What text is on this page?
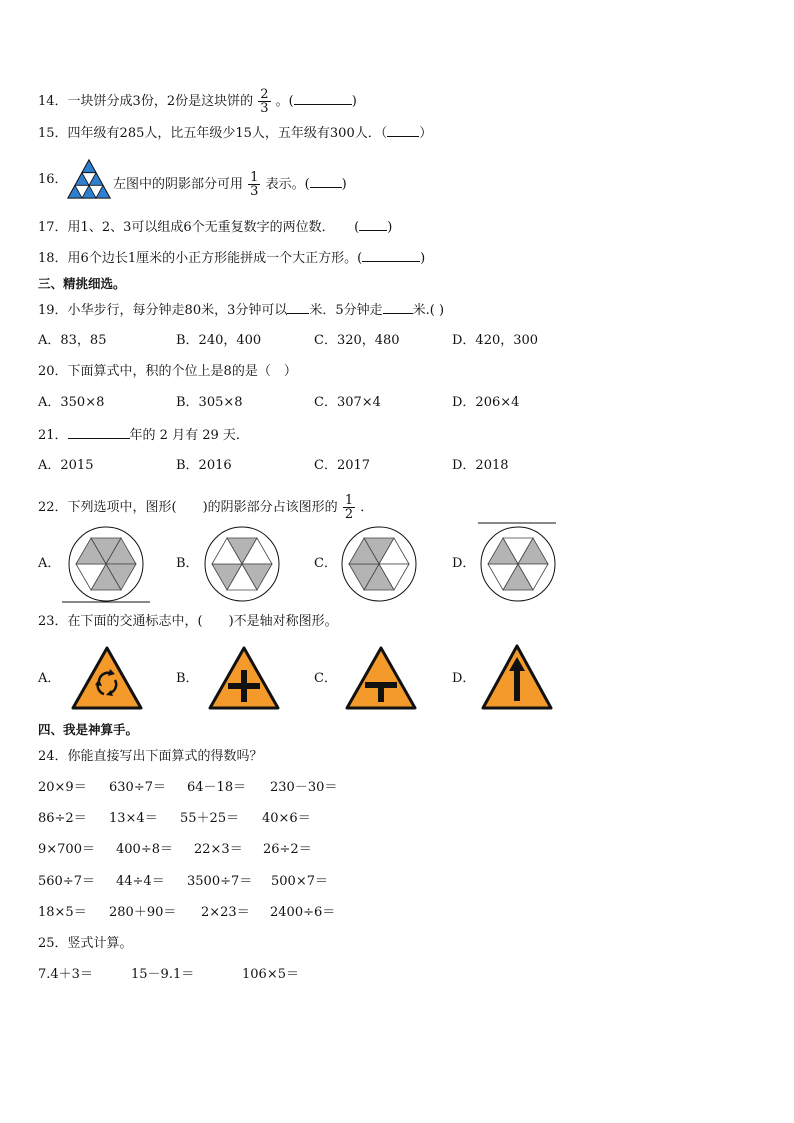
14．一块饼分成3份，2份是这块饼的 $\frac{2}{3}$ 。(	)
15．四年级有285人，比五年级少15人，五年级有300人．（ ）
16．	左图中的阴影部分可用 $\frac{1}{3}$ 表示。( )
17．用1、2、3可以组成6个无重复数字的两位数．　　( )
18．用6个边长1厘米的小正方形能拼成一个大正方形。(	)
三、精挑细选。
19．小华步行，每分钟走80米，3分钟可以 米．5分钟走 米.( )
A．83，85	B．240，400	C．320，480	D．420，300
20．下面算式中，积的个位上是8的是（　）
A．350×8	B．305×8	C．307×4	D．206×4
21．	年的 2 月有 29 天．
A．2015	B．2016	C．2017	D．2018
22．下列选项中，图形(　　)的阴影部分占该图形的 $\frac{1}{2}$ ．
A．	B．	C．	D．
23．在下面的交通标志中，(　　)不是轴对称图形。
A．	B．	C．	D．
四、我是神算手。
24．你能直接写出下面算式的得数吗？
20×9＝ 630÷7＝ 64－18＝ 230－30＝
86÷2＝ 13×4＝ 55＋25＝ 40×6＝
9×700＝ 400÷8＝ 22×3＝ 26÷2＝
560÷7＝ 44÷4＝ 3500÷7＝ 500×7＝
18×5＝ 280＋90＝ 2×23＝ 2400÷6＝
25．竖式计算。
7.4＋3＝	15－9.1＝	106×5＝
